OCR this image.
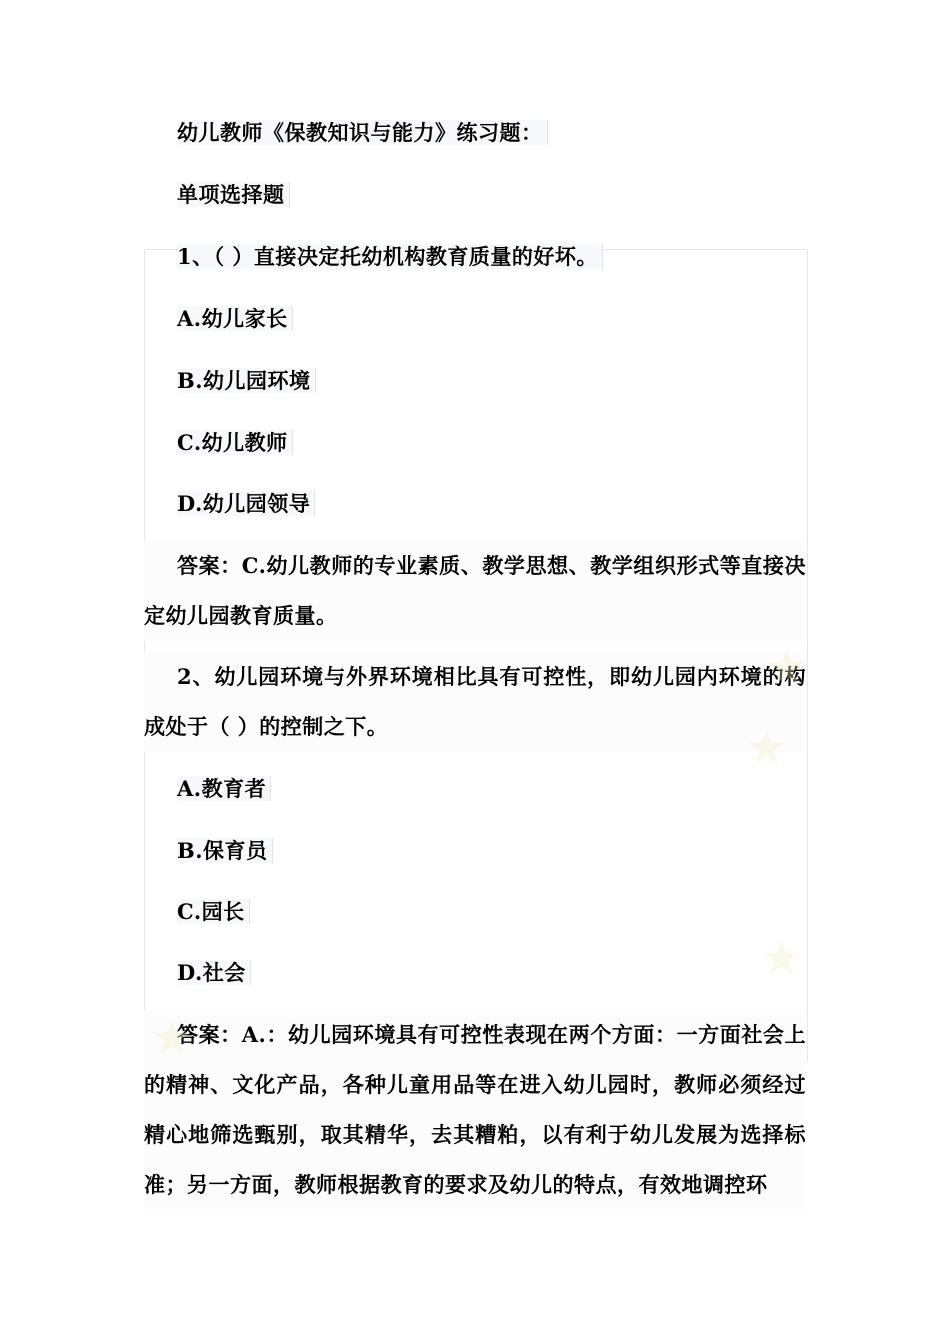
幼儿教师《保教知识与能力》练习题：
单项选择题
1、（ ）直接决定托幼机构教育质量的好坏。
A.幼儿家长
B.幼儿园环境
C.幼儿教师
D.幼儿园领导
答案：C.幼儿教师的专业素质、教学思想、教学组织形式等直接决定幼儿园教育质量。
2、幼儿园环境与外界环境相比具有可控性，即幼儿园内环境的构成处于（ ）的控制之下。
A.教育者
B.保育员
C.园长
D.社会
答案：A.：幼儿园环境具有可控性表现在两个方面：一方面社会上的精神、文化产品，各种儿童用品等在进入幼儿园时，教师必须经过精心地筛选甄别，取其精华，去其糟粕，以有利于幼儿发展为选择标准；另一方面，教师根据教育的要求及幼儿的特点，有效地调控环
